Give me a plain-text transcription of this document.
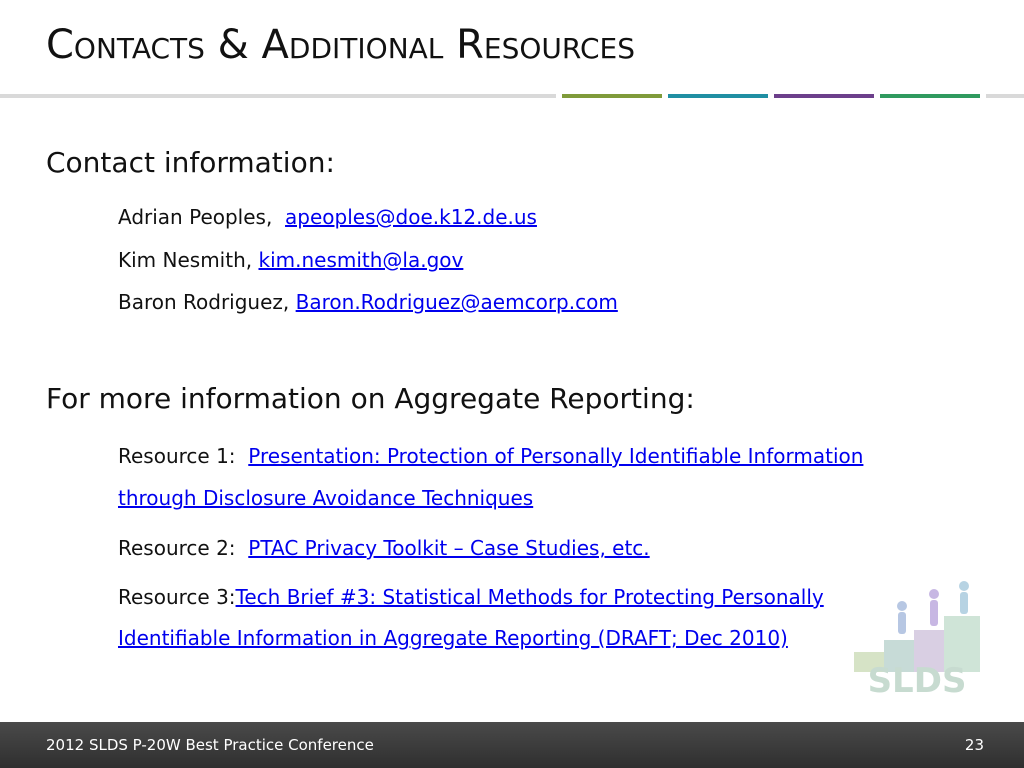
Contacts & Additional Resources
Contact information:
Adrian Peoples, apeoples@doe.k12.de.us
Kim Nesmith, kim.nesmith@la.gov
Baron Rodriguez, Baron.Rodriguez@aemcorp.com
For more information on Aggregate Reporting:
Resource 1: Presentation: Protection of Personally Identifiable Information
through Disclosure Avoidance Techniques
Resource 2: PTAC Privacy Toolkit – Case Studies, etc.
Resource 3:Tech Brief #3: Statistical Methods for Protecting Personally
Identifiable Information in Aggregate Reporting (DRAFT; Dec 2010)
SLDS
2012 SLDS P-20W Best Practice Conference	23
